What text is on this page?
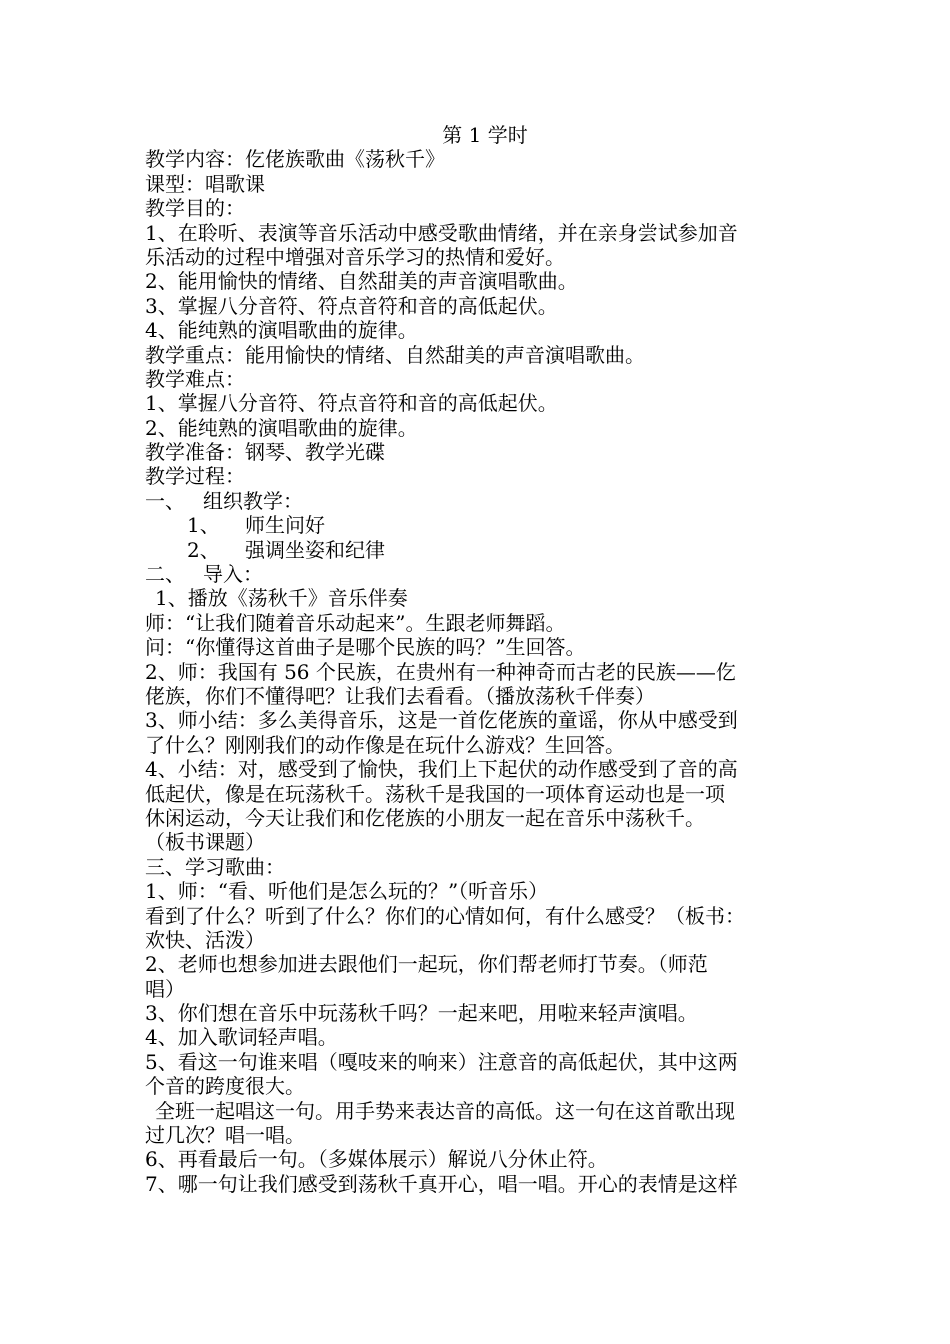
第 1 学时
教学内容：仡佬族歌曲《荡秋千》
课型：唱歌课
教学目的：
1、在聆听、表演等音乐活动中感受歌曲情绪，并在亲身尝试参加音
乐活动的过程中增强对音乐学习的热情和爱好。
2、能用愉快的情绪、自然甜美的声音演唱歌曲。
3、掌握八分音符、符点音符和音的高低起伏。
4、能纯熟的演唱歌曲的旋律。
教学重点：能用愉快的情绪、自然甜美的声音演唱歌曲。
教学难点：
1、掌握八分音符、符点音符和音的高低起伏。
2、能纯熟的演唱歌曲的旋律。
教学准备：钢琴、教学光碟
教学过程：
一、 组织教学：
1、 师生问好
2、 强调坐姿和纪律
二、 导入：
1、播放《荡秋千》音乐伴奏
师：“让我们随着音乐动起来”。生跟老师舞蹈。
问：“你懂得这首曲子是哪个民族的吗？”生回答。
2、师：我国有 56 个民族，在贵州有一种神奇而古老的民族——仡
佬族，你们不懂得吧？让我们去看看。（播放荡秋千伴奏）
3、师小结：多么美得音乐，这是一首仡佬族的童谣，你从中感受到
了什么？刚刚我们的动作像是在玩什么游戏？生回答。
4、小结：对，感受到了愉快，我们上下起伏的动作感受到了音的高
低起伏，像是在玩荡秋千。荡秋千是我国的一项体育运动也是一项
休闲运动，今天让我们和仡佬族的小朋友一起在音乐中荡秋千。
（板书课题）
三、学习歌曲：
1、师：“看、听他们是怎么玩的？”（听音乐）
看到了什么？听到了什么？你们的心情如何，有什么感受？（板书：
欢快、活泼）
2、老师也想参加进去跟他们一起玩，你们帮老师打节奏。（师范
唱）
3、你们想在音乐中玩荡秋千吗？一起来吧，用啦来轻声演唱。
4、加入歌词轻声唱。
5、看这一句谁来唱（嘎吱来的响来）注意音的高低起伏，其中这两
个音的跨度很大。
全班一起唱这一句。用手势来表达音的高低。这一句在这首歌出现
过几次？唱一唱。
6、再看最后一句。（多媒体展示）解说八分休止符。
7、哪一句让我们感受到荡秋千真开心，唱一唱。开心的表情是这样
